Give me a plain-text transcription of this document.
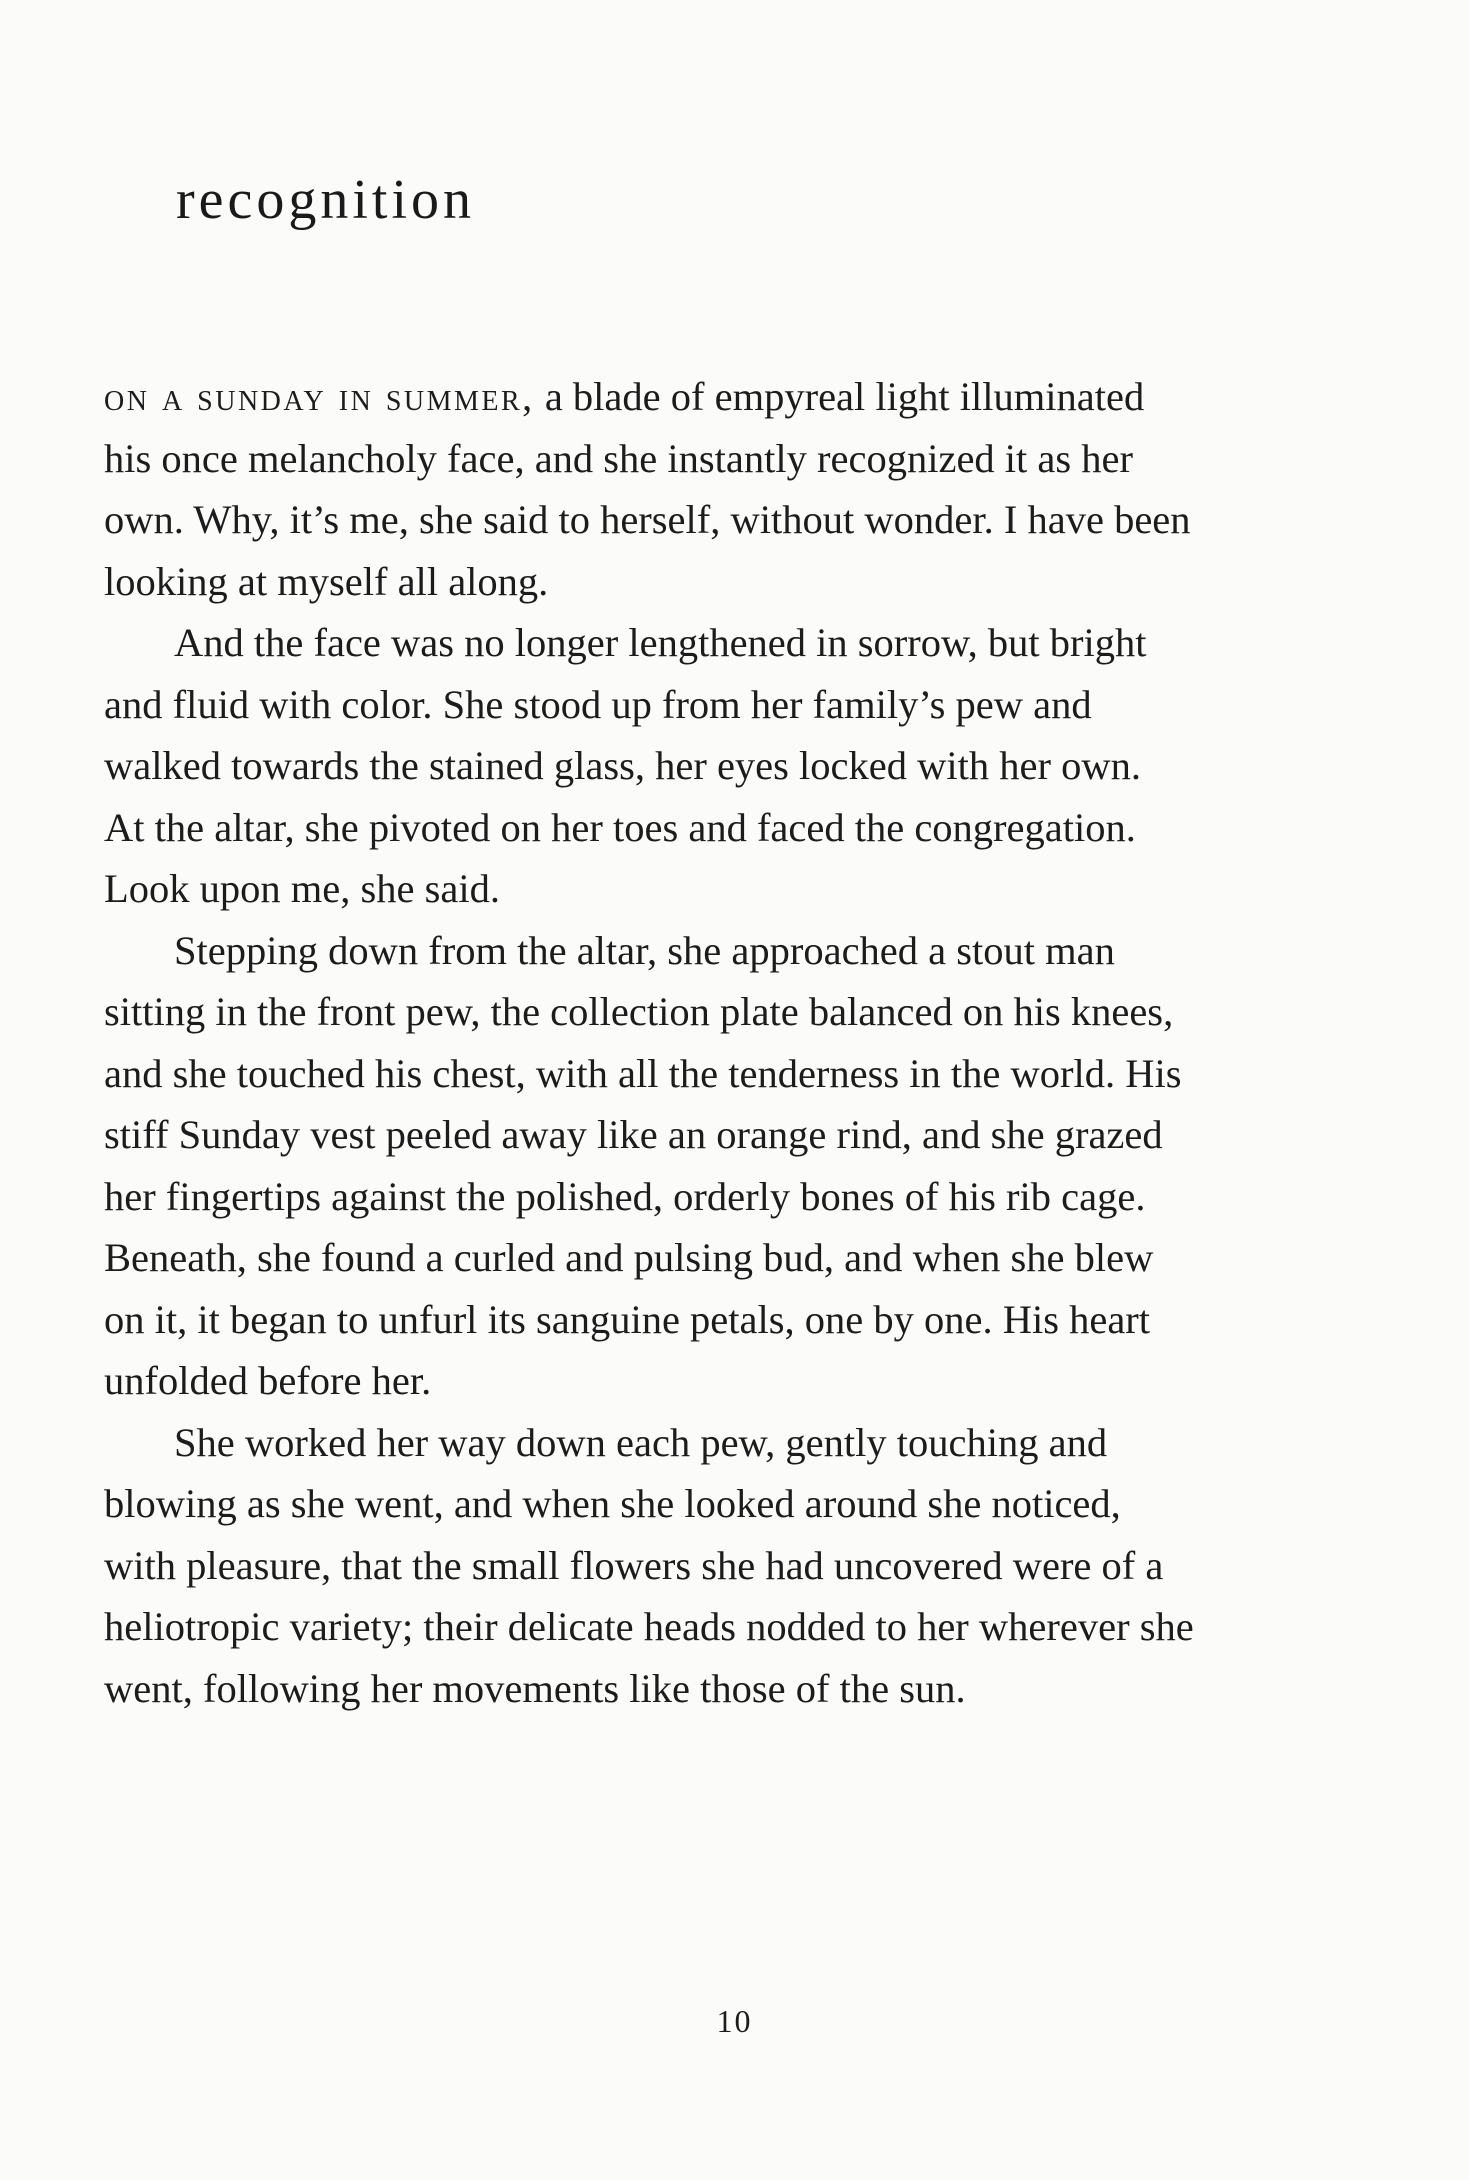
recognition

on a sunday in summer, a blade of empyreal light illuminated
his once melancholy face, and she instantly recognized it as her
own. Why, it’s me, she said to herself, without wonder. I have been
looking at myself all along.

And the face was no longer lengthened in sorrow, but bright
and fluid with color. She stood up from her family’s pew and
walked towards the stained glass, her eyes locked with her own.
At the altar, she pivoted on her toes and faced the congregation.
Look upon me, she said.

Stepping down from the altar, she approached a stout man
sitting in the front pew, the collection plate balanced on his knees,
and she touched his chest, with all the tenderness in the world. His
stiff Sunday vest peeled away like an orange rind, and she grazed
her fingertips against the polished, orderly bones of his rib cage.
Beneath, she found a curled and pulsing bud, and when she blew
on it, it began to unfurl its sanguine petals, one by one. His heart
unfolded before her.

She worked her way down each pew, gently touching and
blowing as she went, and when she looked around she noticed,
with pleasure, that the small flowers she had uncovered were of a
heliotropic variety; their delicate heads nodded to her wherever she
went, following her movements like those of the sun.

10
